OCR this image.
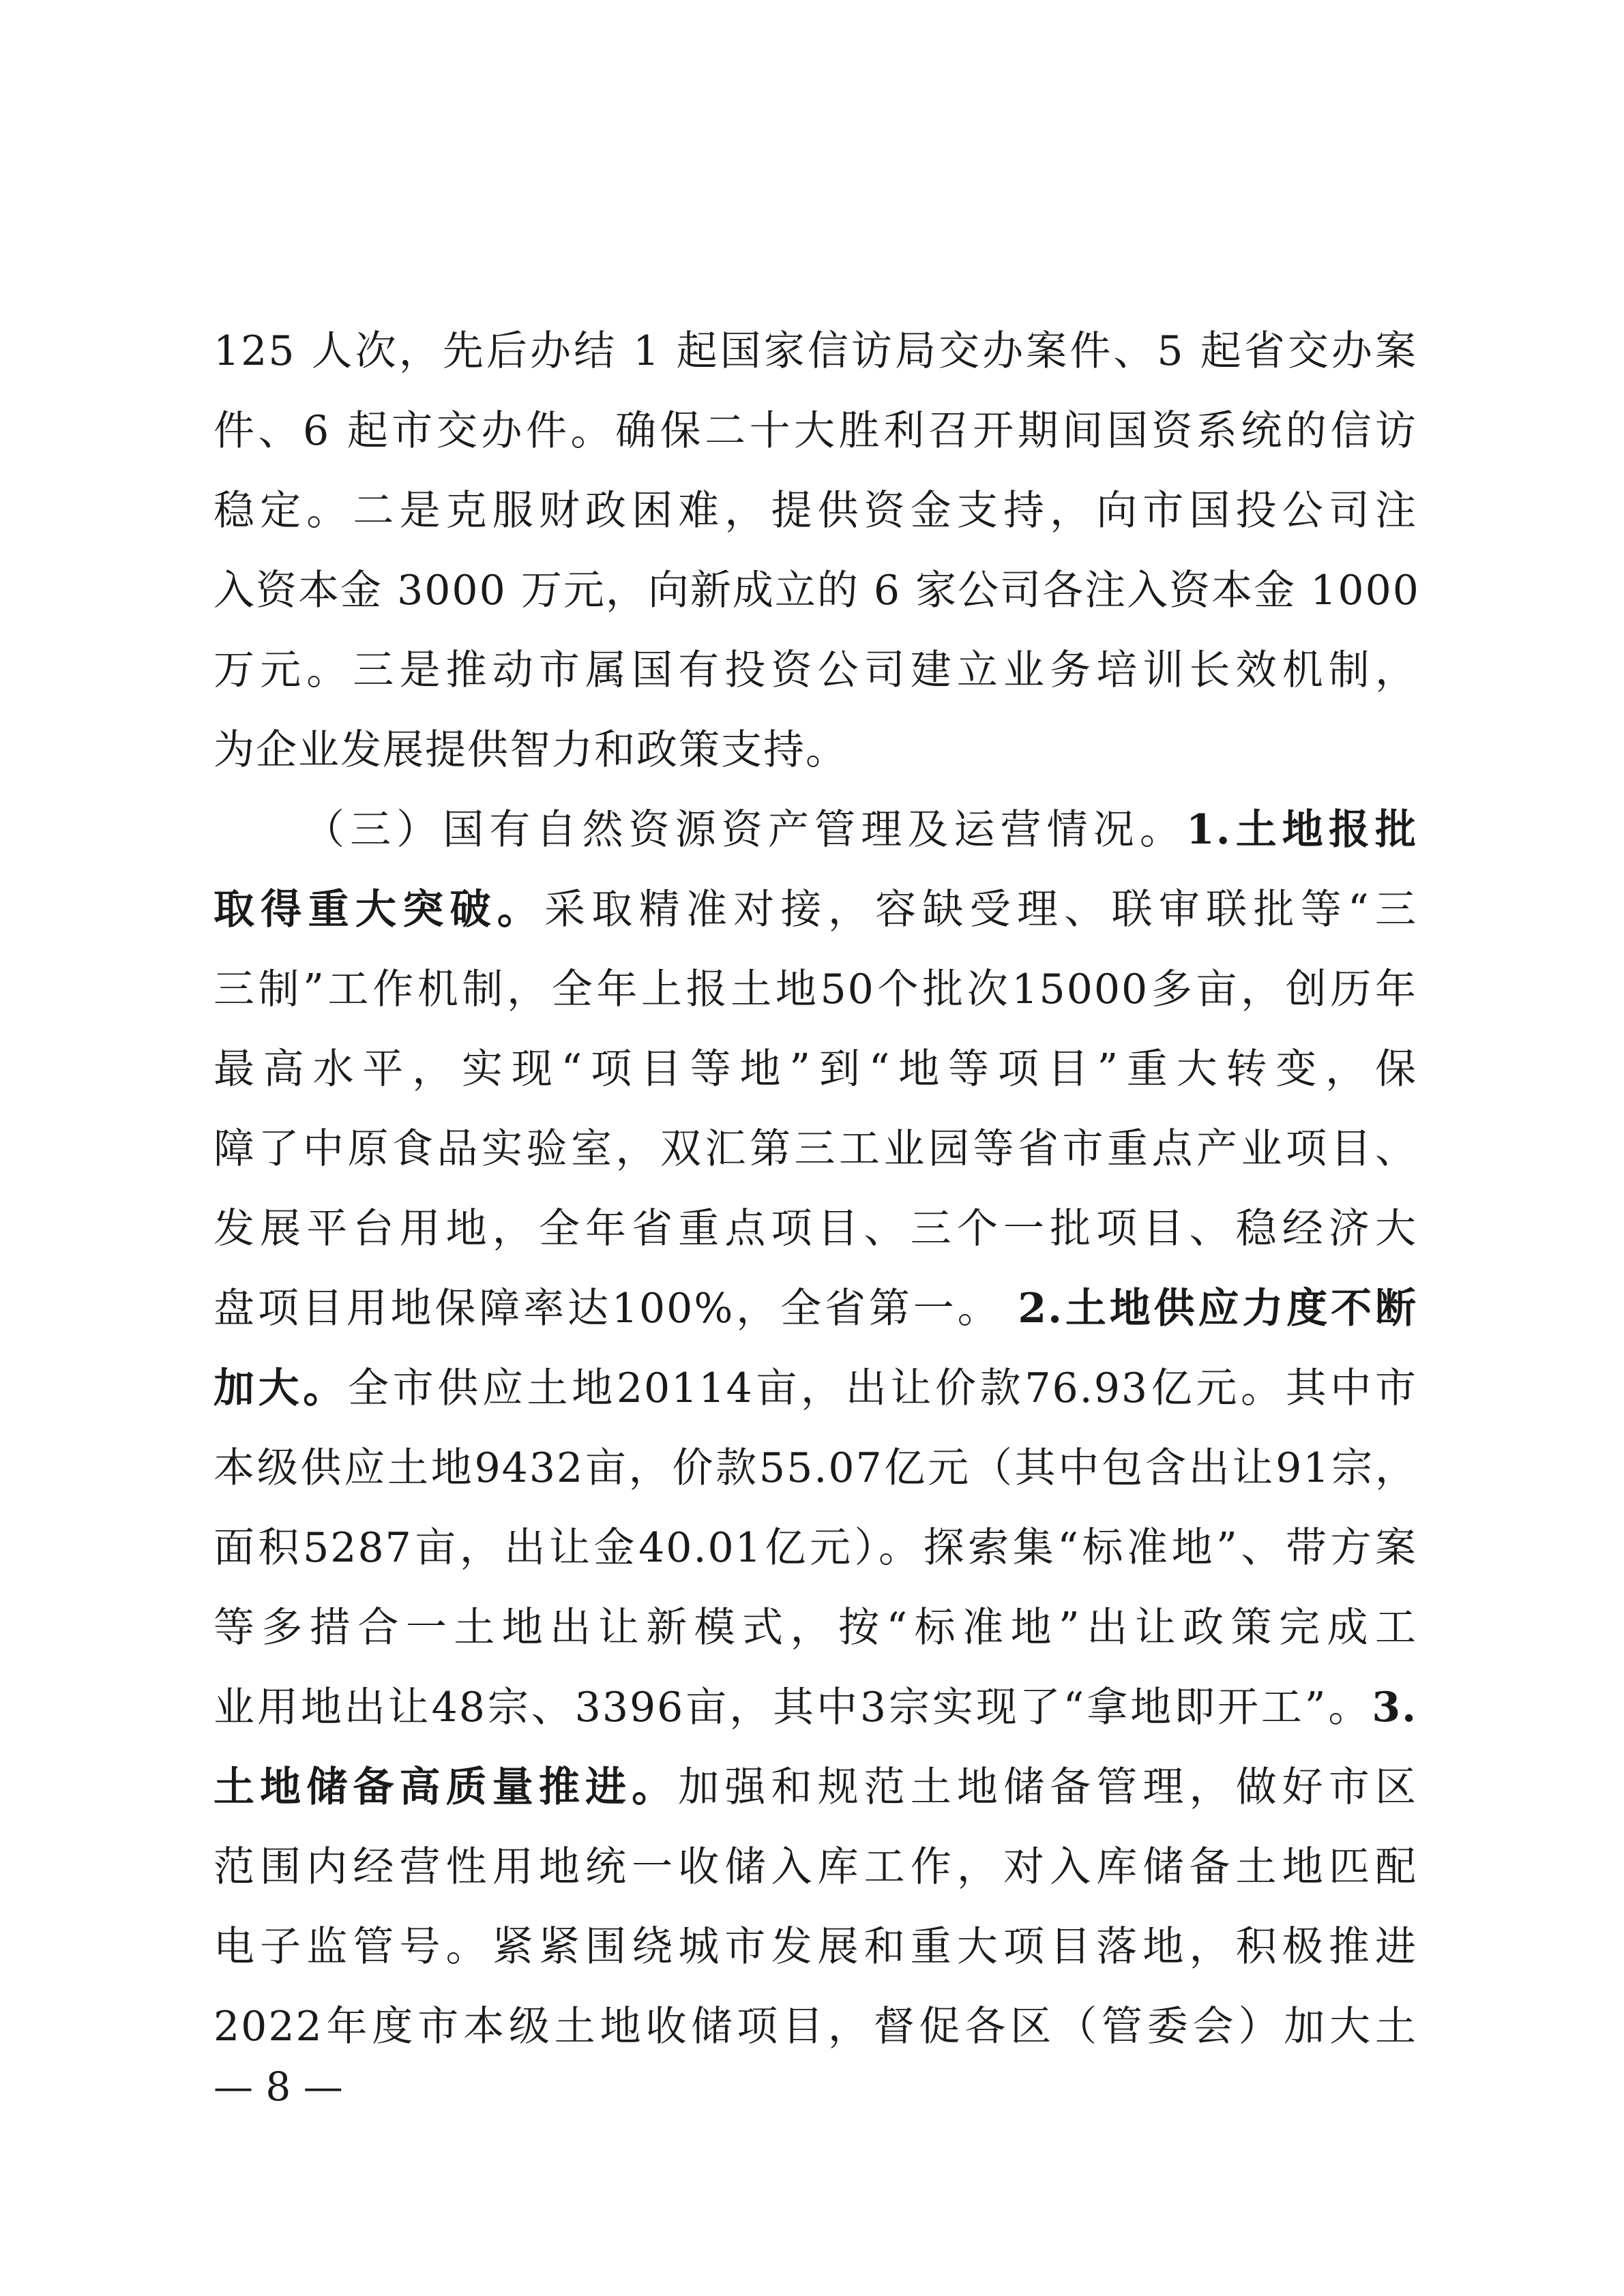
125 人次，先后办结 1 起国家信访局交办案件、5 起省交办案
件、6 起市交办件。确保二十大胜利召开期间国资系统的信访
稳定。二是克服财政困难，提供资金支持，向市国投公司注
入资本金 3000 万元，向新成立的 6 家公司各注入资本金 1000
万元。三是推动市属国有投资公司建立业务培训长效机制，
为企业发展提供智力和政策支持。
（三）国有自然资源资产管理及运营情况。1.土地报批
取得重大突破。采取精准对接，容缺受理、联审联批等“三
三制”工作机制，全年上报土地50个批次15000多亩，创历年
最高水平，实现“项目等地”到“地等项目”重大转变，保
障了中原食品实验室，双汇第三工业园等省市重点产业项目、
发展平台用地，全年省重点项目、三个一批项目、稳经济大
盘项目用地保障率达100%，全省第一。 2.土地供应力度不断
加大。全市供应土地20114亩，出让价款76.93亿元。其中市
本级供应土地9432亩，价款55.07亿元（其中包含出让91宗，
面积5287亩，出让金40.01亿元）。探索集“标准地”、带方案
等多措合一土地出让新模式，按“标准地”出让政策完成工
业用地出让48宗、3396亩，其中3宗实现了“拿地即开工”。3.
土地储备高质量推进。加强和规范土地储备管理，做好市区
范围内经营性用地统一收储入库工作，对入库储备土地匹配
电子监管号。紧紧围绕城市发展和重大项目落地，积极推进
2022年度市本级土地收储项目，督促各区（管委会）加大土
— 8 —
